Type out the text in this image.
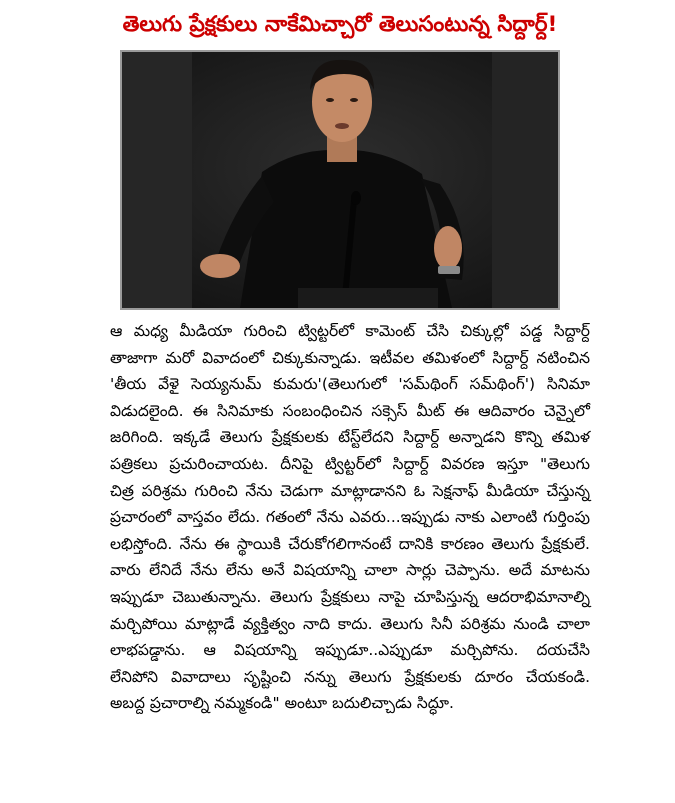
తెలుగు ప్రేక్షకులు నాకేమిచ్చారో తెలుసంటున్న సిద్దార్ద్!

ఆ మధ్య మీడియా గురించి ట్విట్టర్‌లో కామెంట్ చేసి చిక్కుల్లో పడ్డ సిద్దార్ద్
తాజాగా మరో వివాదంలో చిక్కుకున్నాడు. ఇటీవల తమిళంలో సిద్దార్ద్ నటించిన
'తీయ వేళై సెయ్యనుమ్ కుమరు'(తెలుగులో 'సమ్‌థింగ్ సమ్‌థింగ్') సినిమా
విడుదలైంది. ఈ సినిమాకు సంబంధించిన సక్సెస్ మీట్ ఈ ఆదివారం చెన్నైలో
జరిగింది. ఇక్కడే తెలుగు ప్రేక్షకులకు టేస్ట్‌లేదని సిద్దార్ద్ అన్నాడని కొన్ని తమిళ
పత్రికలు ప్రచురించాయట. దీనిపై ట్విట్టర్‌లో సిద్దార్ద్ వివరణ ఇస్తూ "తెలుగు
చిత్ర పరిశ్రమ గురించి నేను చెడుగా మాట్లాడానని ఓ సెక్షనాఫ్ మీడియా చేస్తున్న
ప్రచారంలో వాస్తవం లేదు. గతంలో నేను ఎవరు...ఇప్పుడు నాకు ఎలాంటి గుర్తింపు
లభిస్తోంది. నేను ఈ స్థాయికి చేరుకోగలిగానంటే దానికి కారణం తెలుగు ప్రేక్షకులే.
వారు లేనిదే నేను లేను అనే విషయాన్ని చాలా సార్లు చెప్పాను. అదే మాటను
ఇప్పుడూ చెబుతున్నాను. తెలుగు ప్రేక్షకులు నాపై చూపిస్తున్న ఆదరాభిమానాల్ని
మర్చిపోయి మాట్లాడే వ్యక్తిత్వం నాది కాదు. తెలుగు సినీ పరిశ్రమ నుండి చాలా
లాభపడ్డాను. ఆ విషయాన్ని ఇప్పుడూ..ఎప్పుడూ మర్చిపోను. దయచేసి
లేనిపోని వివాదాలు సృష్టించి నన్ను తెలుగు ప్రేక్షకులకు దూరం చేయకండి.
అబద్ద ప్రచారాల్ని నమ్మకండి" అంటూ బదులిచ్చాడు సిద్ధూ.
